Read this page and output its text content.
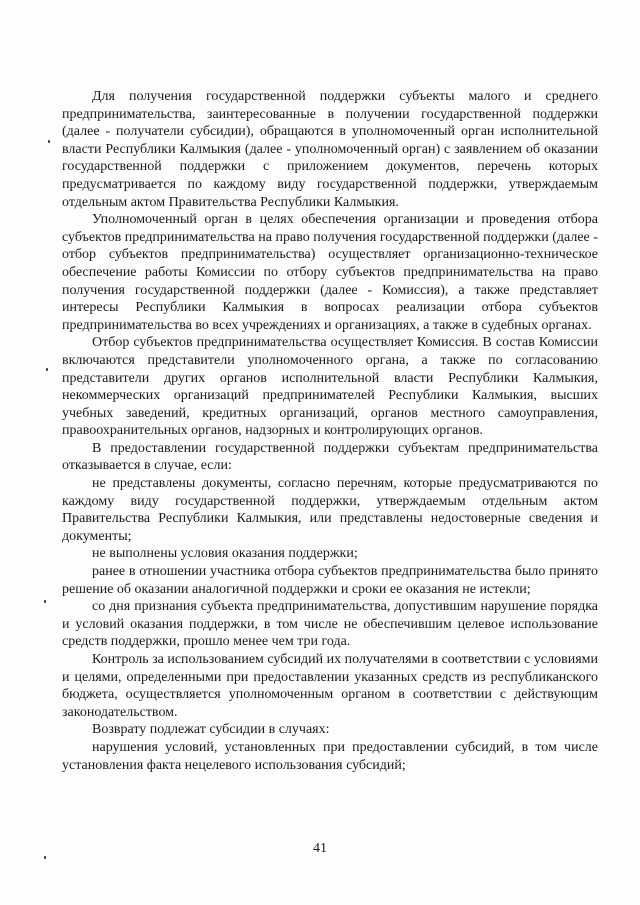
Для получения государственной поддержки субъекты малого и среднего предпринимательства, заинтересованные в получении государственной поддержки (далее - получатели субсидии), обращаются в уполномоченный орган исполнительной власти Республики Калмыкия (далее - уполномоченный орган) с заявлением об оказании государственной поддержки с приложением документов, перечень которых предусматривается по каждому виду государственной поддержки, утверждаемым отдельным актом Правительства Республики Калмыкия.

Уполномоченный орган в целях обеспечения организации и проведения отбора субъектов предпринимательства на право получения государственной поддержки (далее - отбор субъектов предпринимательства) осуществляет организационно-техническое обеспечение работы Комиссии по отбору субъектов предпринимательства на право получения государственной поддержки (далее - Комиссия), а также представляет интересы Республики Калмыкия в вопросах реализации отбора субъектов предпринимательства во всех учреждениях и организациях, а также в судебных органах.

Отбор субъектов предпринимательства осуществляет Комиссия. В состав Комиссии включаются представители уполномоченного органа, а также по согласованию представители других органов исполнительной власти Республики Калмыкия, некоммерческих организаций предпринимателей Республики Калмыкия, высших учебных заведений, кредитных организаций, органов местного самоуправления, правоохранительных органов, надзорных и контролирующих органов.

В предоставлении государственной поддержки субъектам предпринимательства отказывается в случае, если:

не представлены документы, согласно перечням, которые предусматриваются по каждому виду государственной поддержки, утверждаемым отдельным актом Правительства Республики Калмыкия, или представлены недостоверные сведения и документы;

не выполнены условия оказания поддержки;

ранее в отношении участника отбора субъектов предпринимательства было принято решение об оказании аналогичной поддержки и сроки ее оказания не истекли;

со дня признания субъекта предпринимательства, допустившим нарушение порядка и условий оказания поддержки, в том числе не обеспечившим целевое использование средств поддержки, прошло менее чем три года.

Контроль за использованием субсидий их получателями в соответствии с условиями и целями, определенными при предоставлении указанных средств из республиканского бюджета, осуществляется уполномоченным органом в соответствии с действующим законодательством.

Возврату подлежат субсидии в случаях:

нарушения условий, установленных при предоставлении субсидий, в том числе установления факта нецелевого использования субсидий;

41
